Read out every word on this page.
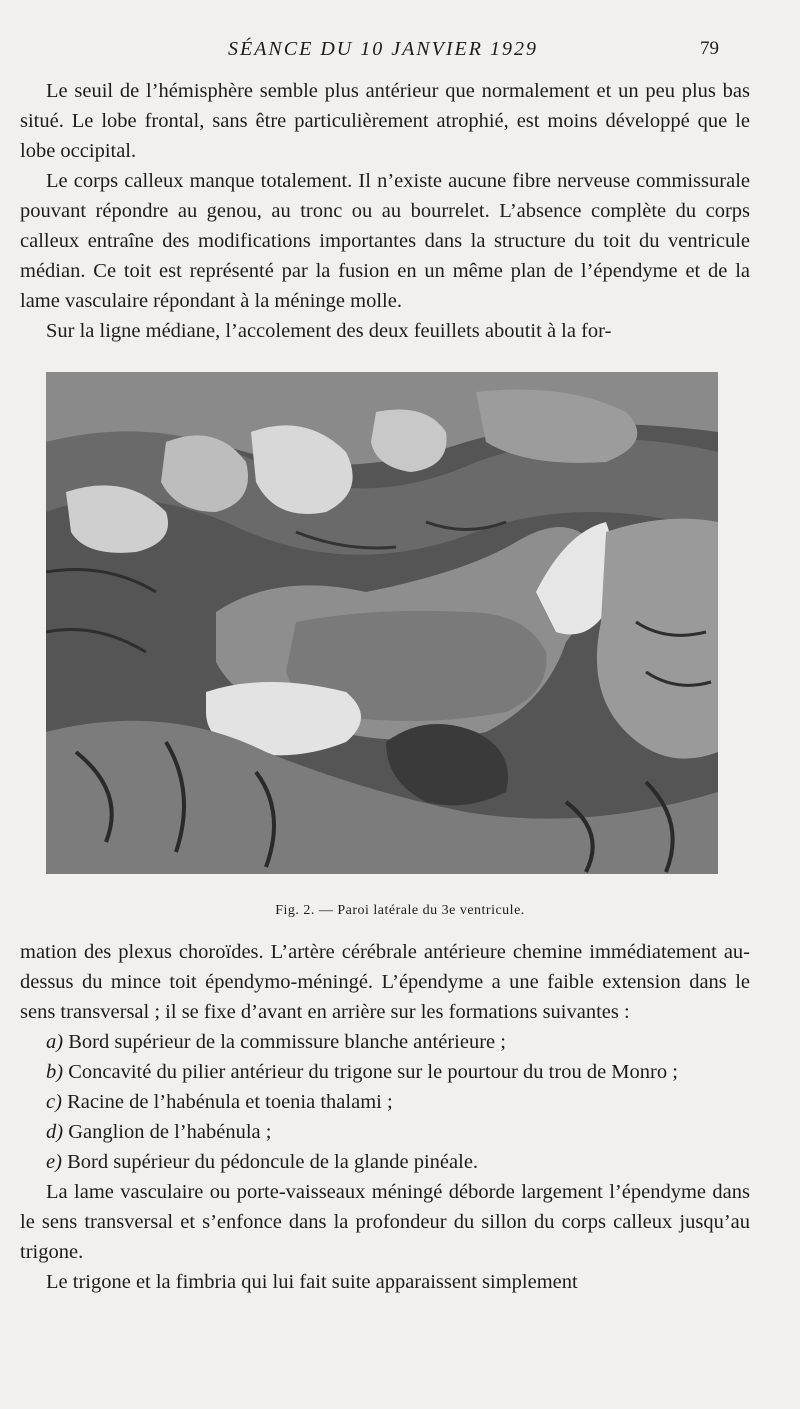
SÉANCE DU 10 JANVIER 1929	79

Le seuil de l’hémisphère semble plus antérieur que normalement et un peu plus bas situé. Le lobe frontal, sans être particulièrement atrophié, est moins développé que le lobe occipital.

Le corps calleux manque totalement. Il n’existe aucune fibre nerveuse commissurale pouvant répondre au genou, au tronc ou au bourrelet. L’absence complète du corps calleux entraîne des modifications importantes dans la structure du toit du ventricule médian. Ce toit est représenté par la fusion en un même plan de l’épendyme et de la lame vasculaire répondant à la méninge molle.

Sur la ligne médiane, l’accolement des deux feuillets aboutit à la for-

Fig. 2. — Paroi latérale du 3e ventricule.

mation des plexus choroïdes. L’artère cérébrale antérieure chemine immédiatement au-dessus du mince toit épendymo-méningé. L’épendyme a une faible extension dans le sens transversal ; il se fixe d’avant en arrière sur les formations suivantes :

a) Bord supérieur de la commissure blanche antérieure ;

b) Concavité du pilier antérieur du trigone sur le pourtour du trou de Monro ;

c) Racine de l’habénula et toenia thalami ;

d) Ganglion de l’habénula ;

e) Bord supérieur du pédoncule de la glande pinéale.

La lame vasculaire ou porte-vaisseaux méningé déborde largement l’épendyme dans le sens transversal et s’enfonce dans la profondeur du sillon du corps calleux jusqu’au trigone.

Le trigone et la fimbria qui lui fait suite apparaissent simplement
